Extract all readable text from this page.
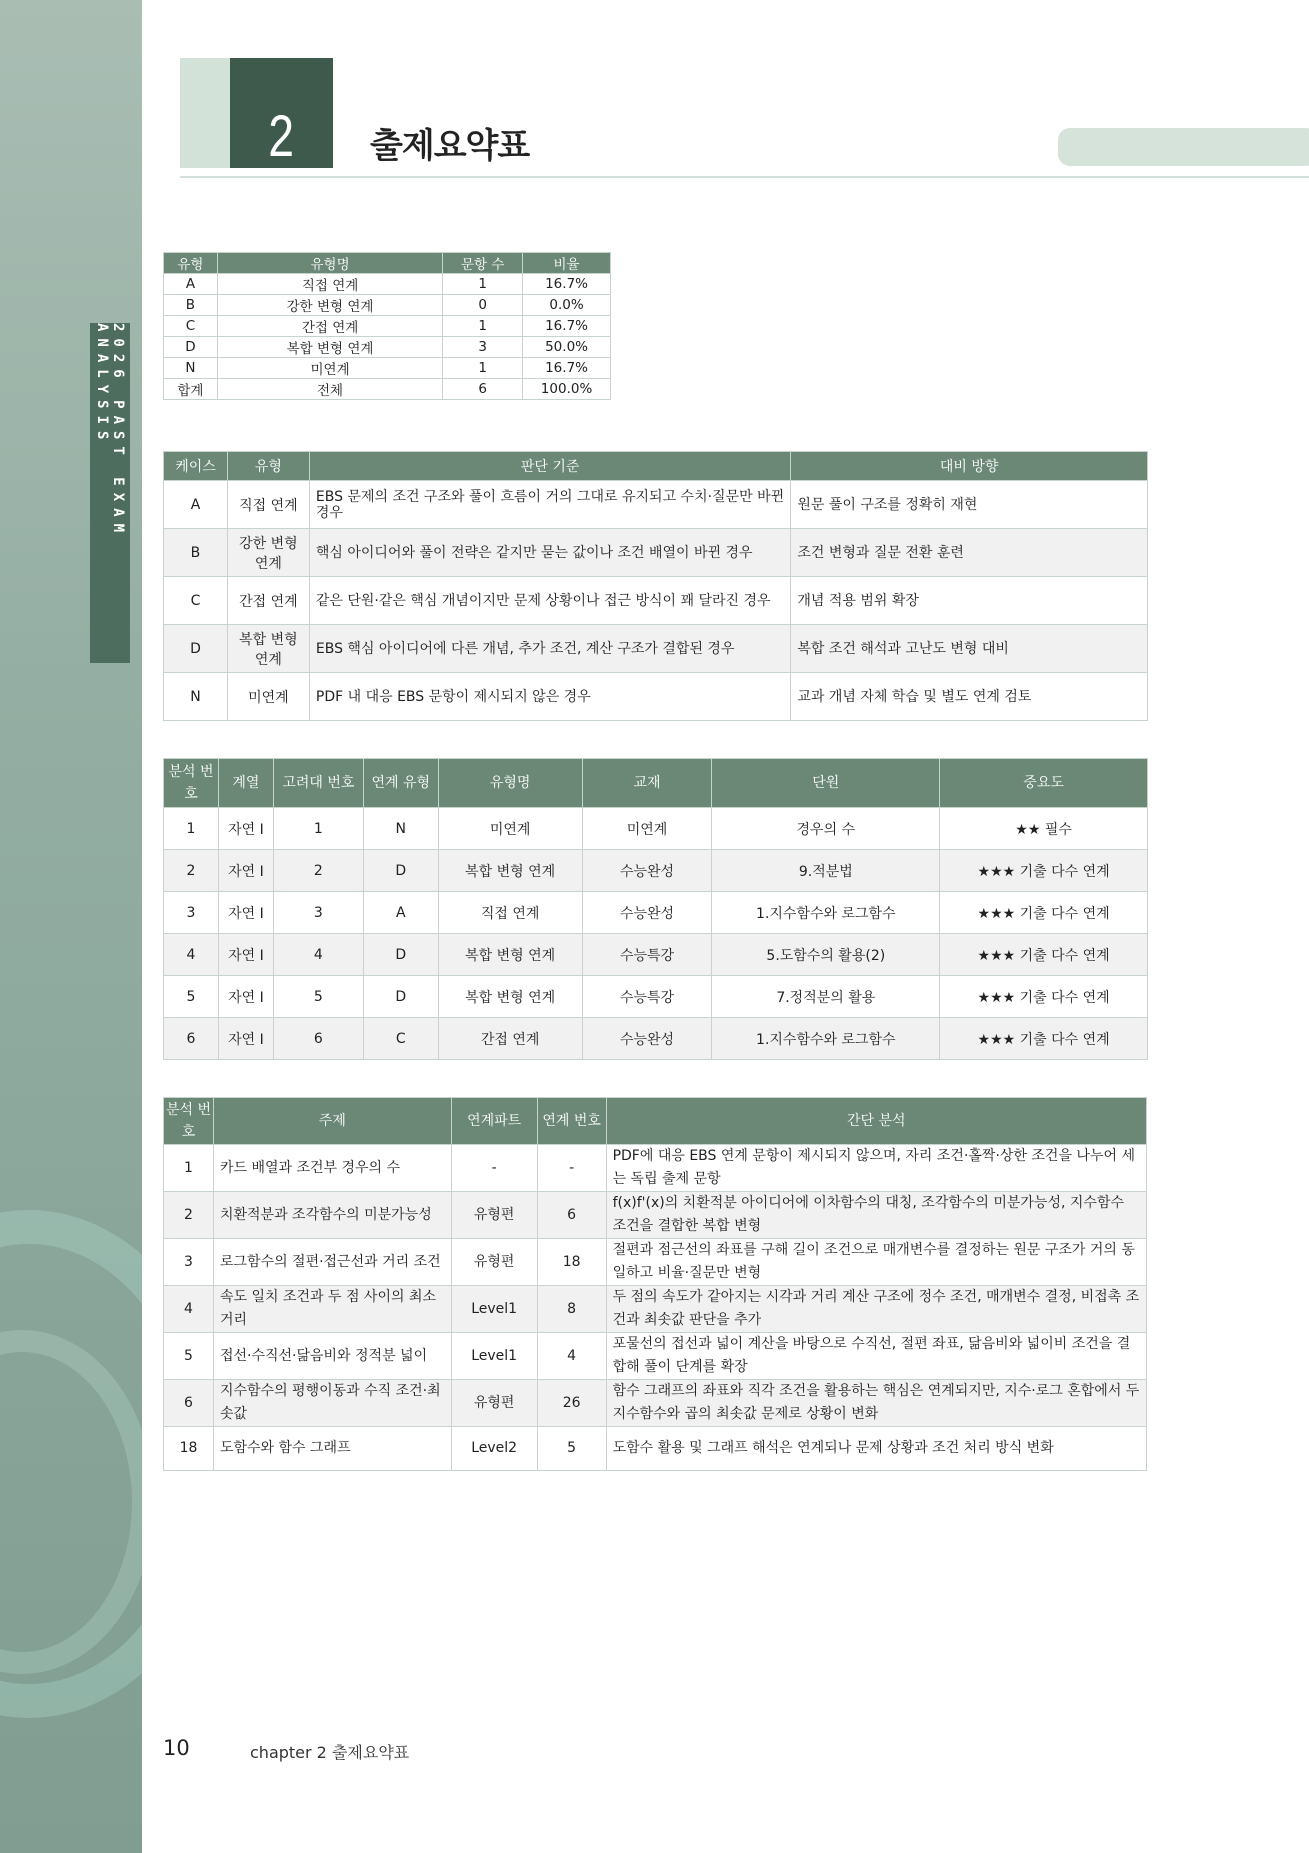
2026 PAST EXAM ANALYSIS
2 출제요약표
유형	유형명	문항 수	비율
A	직접 연계	1	16.7%
B	강한 변형 연계	0	0.0%
C	간접 연계	1	16.7%
D	복합 변형 연계	3	50.0%
N	미연계	1	16.7%
합계	전체	6	100.0%
케이스	유형	판단 기준	대비 방향
A	직접 연계	EBS 문제의 조건 구조와 풀이 흐름이 거의 그대로 유지되고 수치·질문만 바뀐 경우	원문 풀이 구조를 정확히 재현
B	강한 변형 연계	핵심 아이디어와 풀이 전략은 같지만 묻는 값이나 조건 배열이 바뀐 경우	조건 변형과 질문 전환 훈련
C	간접 연계	같은 단원·같은 핵심 개념이지만 문제 상황이나 접근 방식이 꽤 달라진 경우	개념 적용 범위 확장
D	복합 변형 연계	EBS 핵심 아이디어에 다른 개념, 추가 조건, 계산 구조가 결합된 경우	복합 조건 해석과 고난도 변형 대비
N	미연계	PDF 내 대응 EBS 문항이 제시되지 않은 경우	교과 개념 자체 학습 및 별도 연계 검토
분석 번호	계열	고려대 번호	연계 유형	유형명	교재	단원	중요도
1	자연 I	1	N	미연계	미연계	경우의 수	★★ 필수
2	자연 I	2	D	복합 변형 연계	수능완성	9.적분법	★★★ 기출 다수 연계
3	자연 I	3	A	직접 연계	수능완성	1.지수함수와 로그함수	★★★ 기출 다수 연계
4	자연 I	4	D	복합 변형 연계	수능특강	5.도함수의 활용(2)	★★★ 기출 다수 연계
5	자연 I	5	D	복합 변형 연계	수능특강	7.정적분의 활용	★★★ 기출 다수 연계
6	자연 I	6	C	간접 연계	수능완성	1.지수함수와 로그함수	★★★ 기출 다수 연계
분석 번호	주제	연계파트	연계 번호	간단 분석
1	카드 배열과 조건부 경우의 수	-	-	PDF에 대응 EBS 연계 문항이 제시되지 않으며, 자리 조건·홀짝·상한 조건을 나누어 세는 독립 출제 문항
2	치환적분과 조각함수의 미분가능성	유형편	6	f(x)f'(x)의 치환적분 아이디어에 이차함수의 대칭, 조각함수의 미분가능성, 지수함수 조건을 결합한 복합 변형
3	로그함수의 절편·접근선과 거리 조건	유형편	18	절편과 점근선의 좌표를 구해 길이 조건으로 매개변수를 결정하는 원문 구조가 거의 동일하고 비율·질문만 변형
4	속도 일치 조건과 두 점 사이의 최소거리	Level1	8	두 점의 속도가 같아지는 시각과 거리 계산 구조에 정수 조건, 매개변수 결정, 비접촉 조건과 최솟값 판단을 추가
5	접선·수직선·닮음비와 정적분 넓이	Level1	4	포물선의 접선과 넓이 계산을 바탕으로 수직선, 절편 좌표, 닮음비와 넓이비 조건을 결합해 풀이 단계를 확장
6	지수함수의 평행이동과 수직 조건·최솟값	유형편	26	함수 그래프의 좌표와 직각 조건을 활용하는 핵심은 연계되지만, 지수·로그 혼합에서 두 지수함수와 곱의 최솟값 문제로 상황이 변화
18	도함수와 함수 그래프	Level2	5	도함수 활용 및 그래프 해석은 연계되나 문제 상황과 조건 처리 방식 변화
10	chapter 2 출제요약표
